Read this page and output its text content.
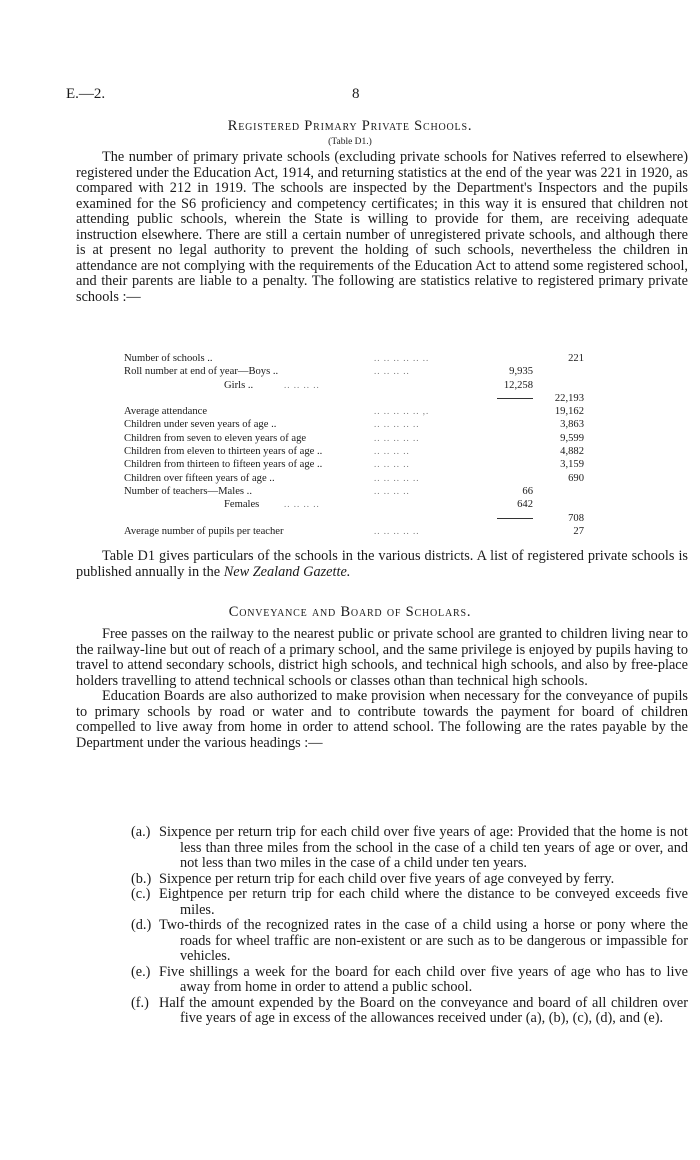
E.—2.	8
Registered Primary Private Schools.
(Table D1.)

The number of primary private schools (excluding private schools for Natives referred to elsewhere) registered under the Education Act, 1914, and returning statistics at the end of the year was 221 in 1920, as compared with 212 in 1919. The schools are inspected by the Department's Inspectors and the pupils examined for the S6 proficiency and competency certificates; in this way it is ensured that children not attending public schools, wherein the State is willing to provide for them, are receiving adequate instruction elsewhere. There are still a certain number of unregistered private schools, and although there is at present no legal authority to prevent the holding of such schools, nevertheless the children in attendance are not complying with the requirements of the Education Act to attend some registered school, and their parents are liable to a penalty. The following are statistics relative to registered primary private schools :—

Number of schools ..	.. .. .. .. .. ..	221
Roll number at end of year—Boys ..	.. .. .. ..	9,935
Girls ..	.. .. .. ..	12,258
22,193
Average attendance	.. .. .. .. .. ,.	19,162
Children under seven years of age ..	.. .. .. .. ..	3,863
Children from seven to eleven years of age	.. .. .. .. ..	9,599
Children from eleven to thirteen years of age ..	.. .. .. ..	4,882
Children from thirteen to fifteen years of age ..	.. .. .. ..	3,159
Children over fifteen years of age ..	.. .. .. .. ..	690
Number of teachers—Males ..	.. .. .. ..	66
Females	.. .. .. ..	642
708
Average number of pupils per teacher	.. .. .. .. ..	27

Table D1 gives particulars of the schools in the various districts. A list of registered private schools is published annually in the New Zealand Gazette.

Conveyance and Board of Scholars.

Free passes on the railway to the nearest public or private school are granted to children living near to the railway-line but out of reach of a primary school, and the same privilege is enjoyed by pupils having to travel to attend secondary schools, district high schools, and technical high schools, and also by free-place holders travelling to attend technical schools or classes othan than technical high schools.

Education Boards are also authorized to make provision when necessary for the conveyance of pupils to primary schools by road or water and to contribute towards the payment for board of children compelled to live away from home in order to attend school. The following are the rates payable by the Department under the various headings :—

(a.) Sixpence per return trip for each child over five years of age: Provided that the home is not less than three miles from the school in the case of a child ten years of age or over, and not less than two miles in the case of a child under ten years.
(b.) Sixpence per return trip for each child over five years of age conveyed by ferry.
(c.) Eightpence per return trip for each child where the distance to be conveyed exceeds five miles.
(d.) Two-thirds of the recognized rates in the case of a child using a horse or pony where the roads for wheel traffic are non-existent or are such as to be dangerous or impassible for vehicles.
(e.) Five shillings a week for the board for each child over five years of age who has to live away from home in order to attend a public school.
(f.) Half the amount expended by the Board on the conveyance and board of all children over five years of age in excess of the allowances received under (a), (b), (c), (d), and (e).
